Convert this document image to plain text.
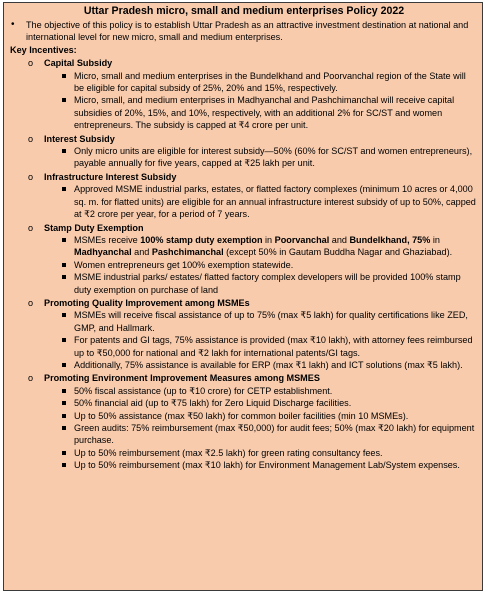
Uttar Pradesh micro, small and medium enterprises Policy 2022
• The objective of this policy is to establish Uttar Pradesh as an attractive investment destination at national and international level for new micro, small and medium enterprises.
Key Incentives:
o Capital Subsidy
Micro, small and medium enterprises in the Bundelkhand and Poorvanchal region of the State will be eligible for capital subsidy of 25%, 20% and 15%, respectively.
Micro, small, and medium enterprises in Madhyanchal and Pashchimanchal will receive capital subsidies of 20%, 15%, and 10%, respectively, with an additional 2% for SC/ST and women entrepreneurs. The subsidy is capped at ₹4 crore per unit.
o Interest Subsidy
Only micro units are eligible for interest subsidy—50% (60% for SC/ST and women entrepreneurs), payable annually for five years, capped at ₹25 lakh per unit.
o Infrastructure Interest Subsidy
Approved MSME industrial parks, estates, or flatted factory complexes (minimum 10 acres or 4,000 sq. m. for flatted units) are eligible for an annual infrastructure interest subsidy of up to 50%, capped at ₹2 crore per year, for a period of 7 years.
o Stamp Duty Exemption
MSMEs receive 100% stamp duty exemption in Poorvanchal and Bundelkhand, 75% in Madhyanchal and Pashchimanchal (except 50% in Gautam Buddha Nagar and Ghaziabad).
Women entrepreneurs get 100% exemption statewide.
MSME industrial parks/ estates/ flatted factory complex developers will be provided 100% stamp duty exemption on purchase of land
o Promoting Quality Improvement among MSMEs
MSMEs will receive fiscal assistance of up to 75% (max ₹5 lakh) for quality certifications like ZED, GMP, and Hallmark.
For patents and GI tags, 75% assistance is provided (max ₹10 lakh), with attorney fees reimbursed up to ₹50,000 for national and ₹2 lakh for international patents/GI tags.
Additionally, 75% assistance is available for ERP (max ₹1 lakh) and ICT solutions (max ₹5 lakh).
o Promoting Environment Improvement Measures among MSMES
50% fiscal assistance (up to ₹10 crore) for CETP establishment.
50% financial aid (up to ₹75 lakh) for Zero Liquid Discharge facilities.
Up to 50% assistance (max ₹50 lakh) for common boiler facilities (min 10 MSMEs).
Green audits: 75% reimbursement (max ₹50,000) for audit fees; 50% (max ₹20 lakh) for equipment purchase.
Up to 50% reimbursement (max ₹2.5 lakh) for green rating consultancy fees.
Up to 50% reimbursement (max ₹10 lakh) for Environment Management Lab/System expenses.
